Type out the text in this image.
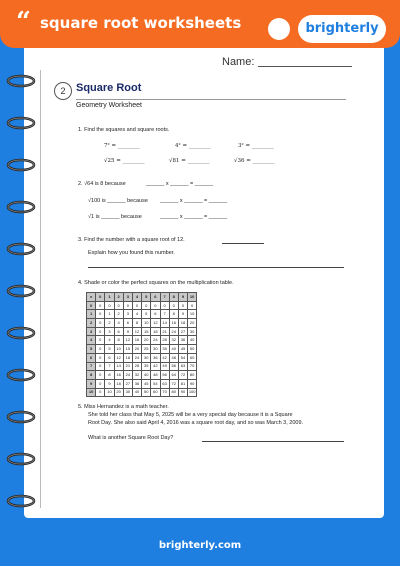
“ square root worksheets	brighterly
Name:
2 Square Root
Geometry Worksheet
1. Find the squares and square roots.
7² = ________	4² = ________	3² = ________
√25 = ________	√81 = ________	√36 = ________
2. √64 is 8 because	______ x ______ = ______
√100 is ______ because ______ x ______ = ______
√1 is ______ because	______ x ______ = ______
3. Find the number with a square root of 12.
Explain how you found this number.
4. Shade or color the perfect squares on the multiplication table.
x	0	1	2	3	4	5	6	7	8	9	10
0	0	0	0	0	0	0	0	0	0	0	0
1	0	1	2	3	4	5	6	7	8	9	10
2	0	2	4	6	8	10	12	14	16	18	20
3	0	3	6	9	12	15	18	21	24	27	30
4	0	4	8	12	16	20	24	28	32	36	40
5	0	5	10	15	20	25	30	35	40	45	50
6	0	6	12	18	24	30	36	42	48	54	60
7	0	7	14	21	28	35	42	49	56	63	70
8	0	8	16	24	32	40	48	56	64	72	80
9	0	9	18	27	36	45	54	63	72	81	90
10	0	10	20	30	40	50	60	70	80	90	100
5. Miss Hernandez is a math teacher.
She told her class that May 5, 2025 will be a very special day because it is a Square
Root Day. She also said April 4, 2016 was a square root day, and so was March 3, 2009.
What is another Square Root Day?
brighterly.com
